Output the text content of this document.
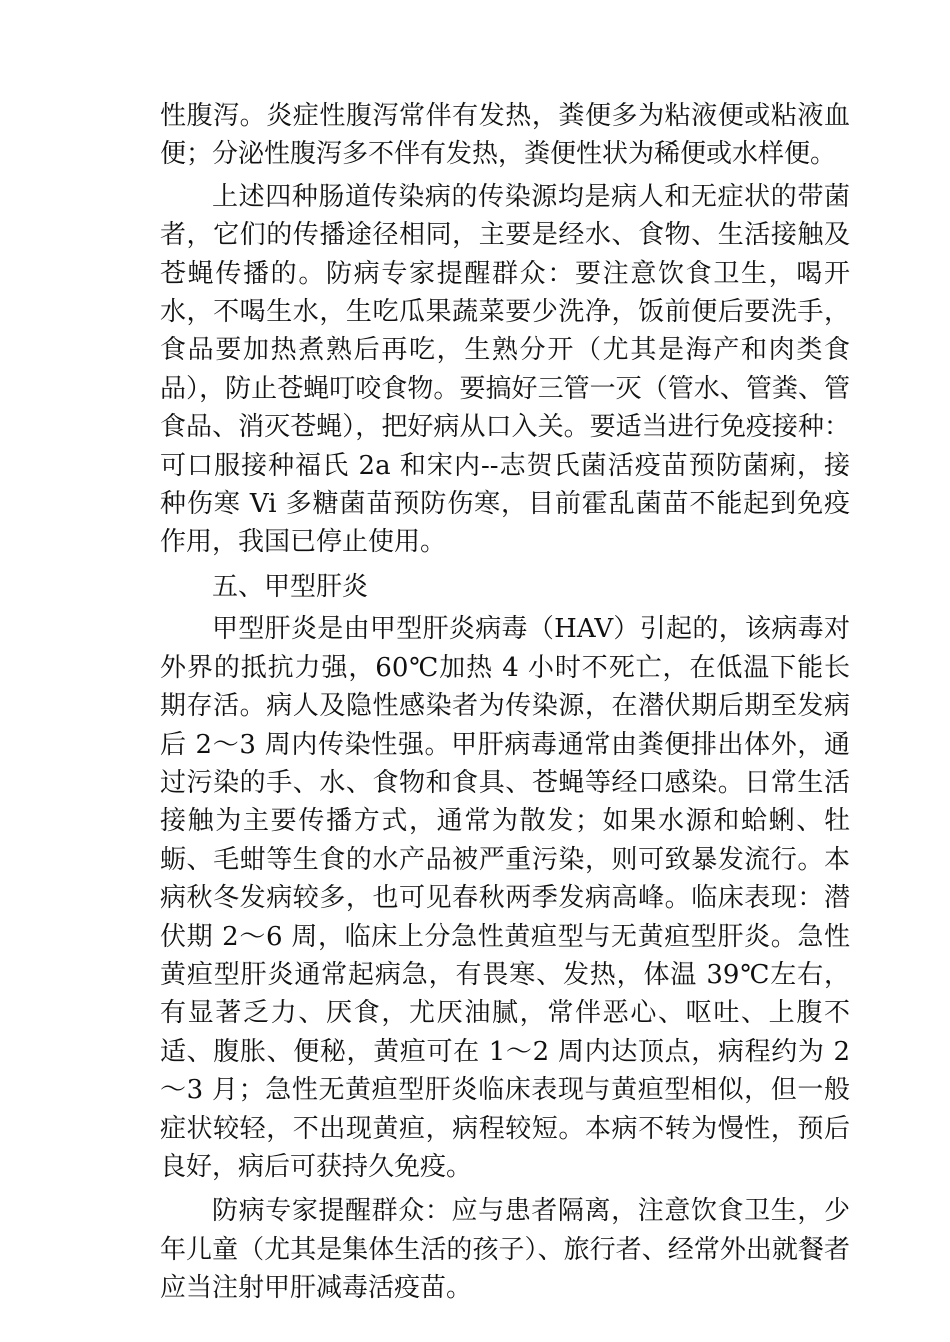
性腹泻。炎症性腹泻常伴有发热，粪便多为粘液便或粘液血便；分泌性腹泻多不伴有发热，粪便性状为稀便或水样便。

上述四种肠道传染病的传染源均是病人和无症状的带菌者，它们的传播途径相同，主要是经水、食物、生活接触及苍蝇传播的。防病专家提醒群众：要注意饮食卫生，喝开水，不喝生水，生吃瓜果蔬菜要少洗净，饭前便后要洗手，食品要加热煮熟后再吃，生熟分开（尤其是海产和肉类食品），防止苍蝇叮咬食物。要搞好三管一灭（管水、管粪、管食品、消灭苍蝇），把好病从口入关。要适当进行免疫接种：可口服接种福氏 2a 和宋内--志贺氏菌活疫苗预防菌痢，接种伤寒 Vi 多糖菌苗预防伤寒，目前霍乱菌苗不能起到免疫作用，我国已停止使用。

五、甲型肝炎

甲型肝炎是由甲型肝炎病毒（HAV）引起的，该病毒对外界的抵抗力强，60℃加热 4 小时不死亡，在低温下能长期存活。病人及隐性感染者为传染源，在潜伏期后期至发病后 2～3 周内传染性强。甲肝病毒通常由粪便排出体外，通过污染的手、水、食物和食具、苍蝇等经口感染。日常生活接触为主要传播方式，通常为散发；如果水源和蛤蜊、牡蛎、毛蚶等生食的水产品被严重污染，则可致暴发流行。本病秋冬发病较多，也可见春秋两季发病高峰。临床表现：潜伏期 2～6 周，临床上分急性黄疸型与无黄疸型肝炎。急性黄疸型肝炎通常起病急，有畏寒、发热，体温 39℃左右，有显著乏力、厌食，尤厌油腻，常伴恶心、呕吐、上腹不适、腹胀、便秘，黄疸可在 1～2 周内达顶点，病程约为 2～3 月；急性无黄疸型肝炎临床表现与黄疸型相似，但一般症状较轻，不出现黄疸，病程较短。本病不转为慢性，预后良好，病后可获持久免疫。

防病专家提醒群众：应与患者隔离，注意饮食卫生，少年儿童（尤其是集体生活的孩子）、旅行者、经常外出就餐者应当注射甲肝减毒活疫苗。
